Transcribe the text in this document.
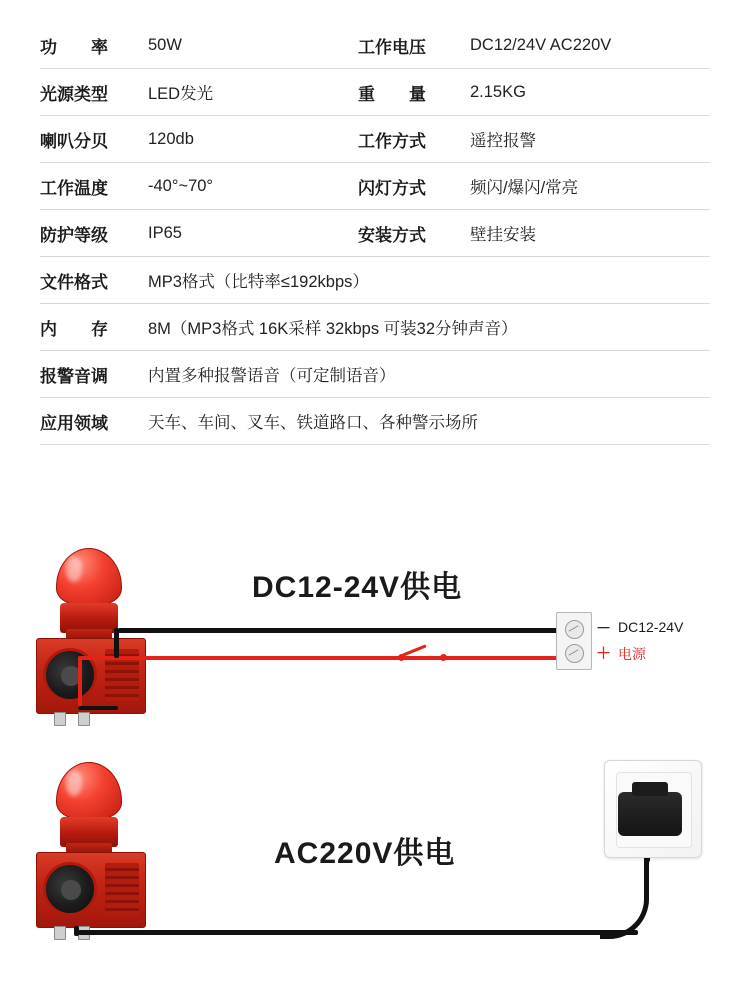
功　　率	50W	工作电压	DC12/24V AC220V
光源类型	LED发光	重　　量	2.15KG
喇叭分贝	120db	工作方式	遥控报警
工作温度	-40°~70°	闪灯方式	频闪/爆闪/常亮
防护等级	IP65	安装方式	壁挂安装
文件格式	MP3格式（比特率≤192kbps）		

内　　存	8M（MP3格式 16K采样 32kbps 可装32分钟声音）		
报警音调	内置多种报警语音（可定制语音）		
应用领域	天车、车间、叉车、铁道路口、各种警示场所		
DC12-24V供电
－ DC12-24V
＋ 电源
AC220V供电
